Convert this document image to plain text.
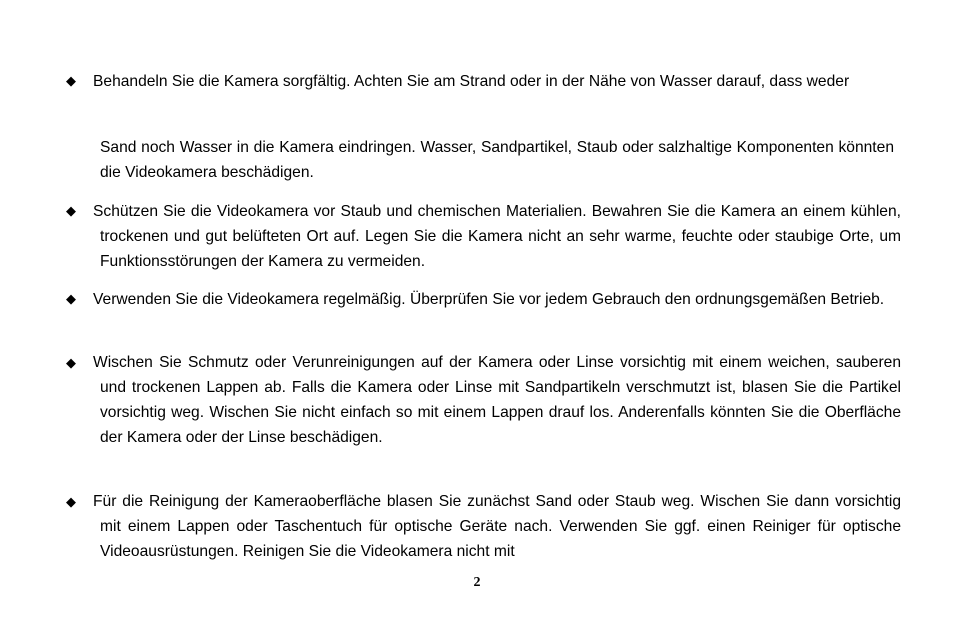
◆	Behandeln Sie die Kamera sorgfältig. Achten Sie am Strand oder in der Nähe von Wasser darauf, dass weder

Sand noch Wasser in die Kamera eindringen. Wasser, Sandpartikel, Staub oder salzhaltige Komponenten könnten die Videokamera beschädigen.

◆	Schützen Sie die Videokamera vor Staub und chemischen Materialien. Bewahren Sie die Kamera an einem kühlen, trockenen und gut belüfteten Ort auf. Legen Sie die Kamera nicht an sehr warme, feuchte oder staubige Orte, um Funktionsstörungen der Kamera zu vermeiden.

◆	Verwenden Sie die Videokamera regelmäßig. Überprüfen Sie vor jedem Gebrauch den ordnungsgemäßen Betrieb.

◆	Wischen Sie Schmutz oder Verunreinigungen auf der Kamera oder Linse vorsichtig mit einem weichen, sauberen und trockenen Lappen ab. Falls die Kamera oder Linse mit Sandpartikeln verschmutzt ist, blasen Sie die Partikel vorsichtig weg. Wischen Sie nicht einfach so mit einem Lappen drauf los. Anderenfalls könnten Sie die Oberfläche der Kamera oder der Linse beschädigen.

◆	Für die Reinigung der Kameraoberfläche blasen Sie zunächst Sand oder Staub weg. Wischen Sie dann vorsichtig mit einem Lappen oder Taschentuch für optische Geräte nach. Verwenden Sie ggf. einen Reiniger für optische Videoausrüstungen. Reinigen Sie die Videokamera nicht mit

2
